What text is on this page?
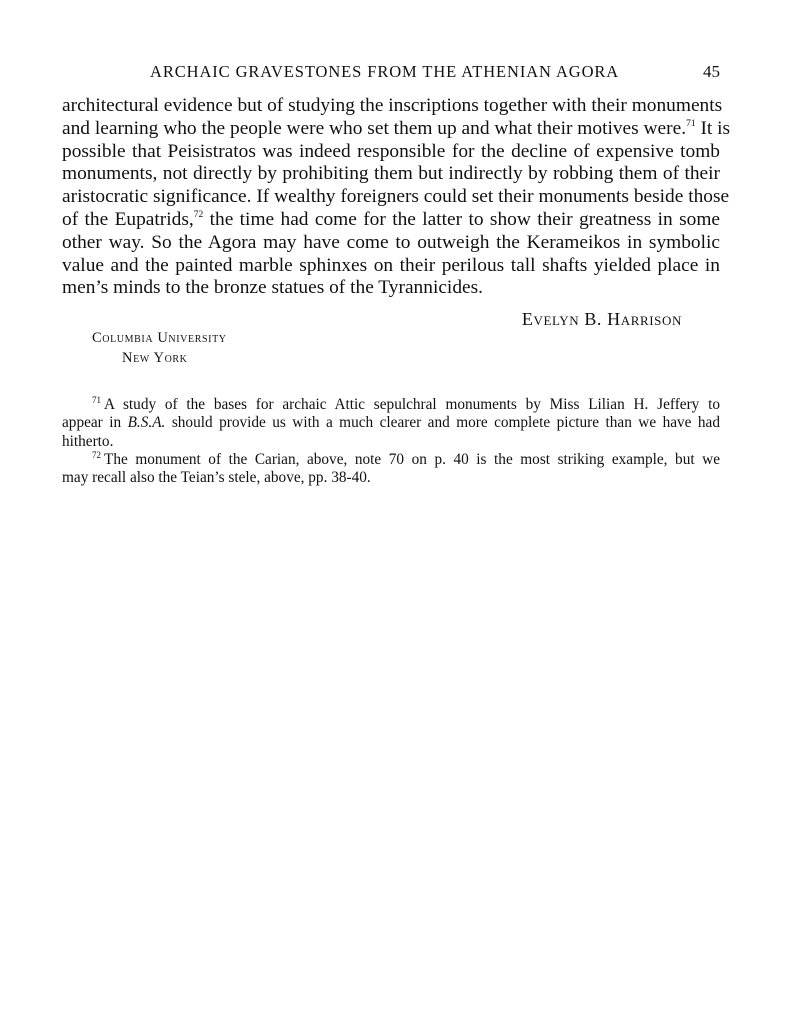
ARCHAIC GRAVESTONES FROM THE ATHENIAN AGORA	45
architectural evidence but of studying the inscriptions together with their monuments
and learning who the people were who set them up and what their motives were.$^{71}$ It is
possible that Peisistratos was indeed responsible for the decline of expensive tomb
monuments, not directly by prohibiting them but indirectly by robbing them of their
aristocratic significance. If wealthy foreigners could set their monuments beside those
of the Eupatrids,$^{72}$ the time had come for the latter to show their greatness in some
other way. So the Agora may have come to outweigh the Kerameikos in symbolic
value and the painted marble sphinxes on their perilous tall shafts yielded place in
men’s minds to the bronze statues of the Tyrannicides.
Evelyn B. Harrison
Columbia University
New York
$^{71}$ A study of the bases for archaic Attic sepulchral monuments by Miss Lilian H. Jeffery to
appear in B.S.A. should provide us with a much clearer and more complete picture than we have had
hitherto.
$^{72}$ The monument of the Carian, above, note 70 on p. 40 is the most striking example, but we
may recall also the Teian’s stele, above, pp. 38-40.
